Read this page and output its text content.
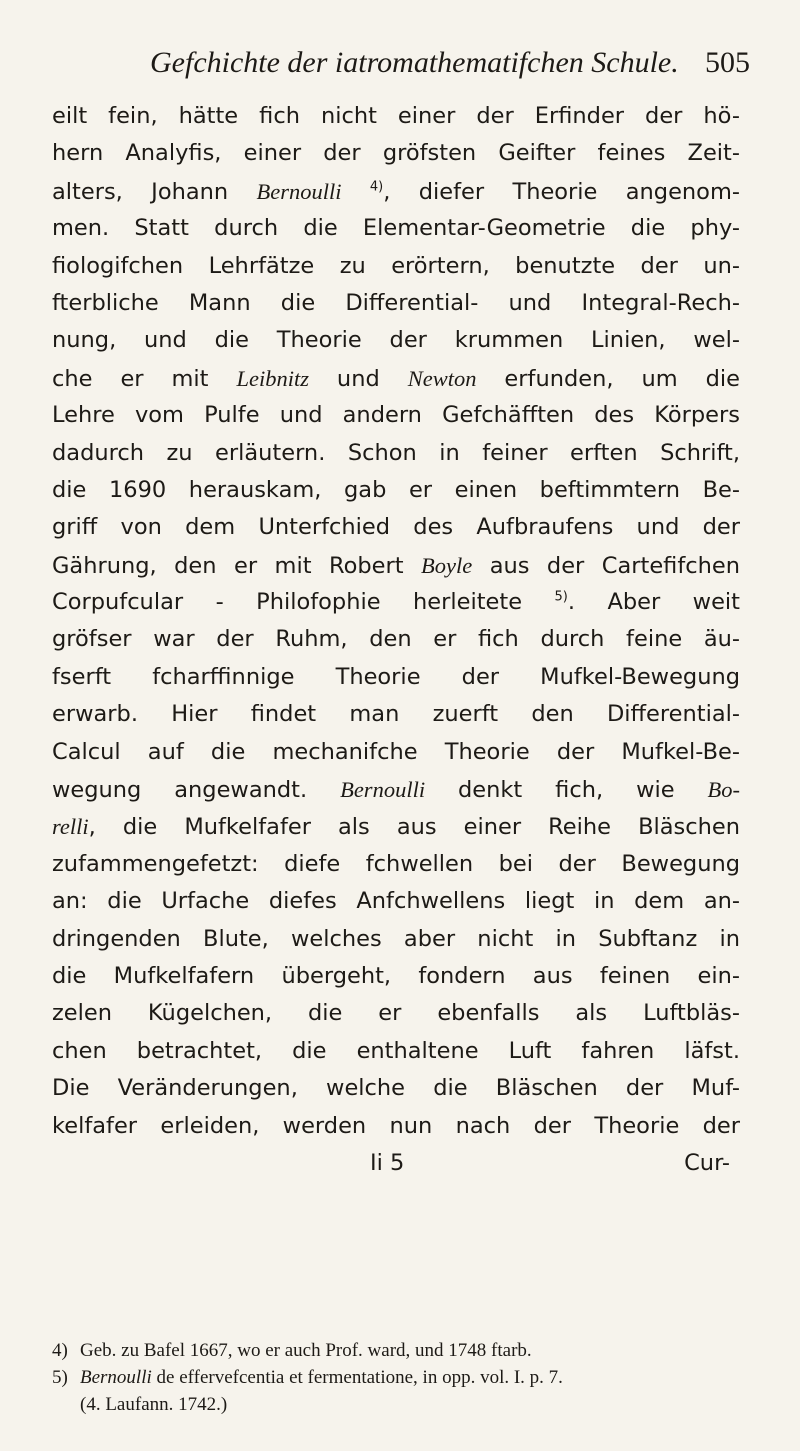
Gefchichte der iatromathematifchen Schule. 505
eilt fein, hätte fich nicht einer der Erfinder der hö-
hern Analyfis, einer der gröfsten Geifter feines Zeit-
alters, Johann Bernoulli $^{4)}$, diefer Theorie angenom-
men. Statt durch die Elementar-Geometrie die phy-
fiologifchen Lehrfätze zu erörtern, benutzte der un-
fterbliche Mann die Differential- und Integral-Rech-
nung, und die Theorie der krummen Linien, wel-
che er mit Leibnitz und Newton erfunden, um die
Lehre vom Pulfe und andern Gefchäfften des Körpers
dadurch zu erläutern. Schon in feiner erften Schrift,
die 1690 herauskam, gab er einen beftimmtern Be-
griff von dem Unterfchied des Aufbraufens und der
Gährung, den er mit Robert Boyle aus der Cartefifchen
Corpufcular - Philofophie herleitete $^{5)}$. Aber weit
gröfser war der Ruhm, den er fich durch feine äu-
fserft fcharffinnige Theorie der Mufkel-Bewegung
erwarb. Hier findet man zuerft den Differential-
Calcul auf die mechanifche Theorie der Mufkel-Be-
wegung angewandt. Bernoulli denkt fich, wie Bo-
relli, die Mufkelfafer als aus einer Reihe Bläschen
zufammengefetzt: diefe fchwellen bei der Bewegung
an: die Urfache diefes Anfchwellens liegt in dem an-
dringenden Blute, welches aber nicht in Subftanz in
die Mufkelfafern übergeht, fondern aus feinen ein-
zelen Kügelchen, die er ebenfalls als Luftbläs-
chen betrachtet, die enthaltene Luft fahren läfst.
Die Veränderungen, welche die Bläschen der Muf-
kelfafer erleiden, werden nun nach der Theorie der
Ii 5	Cur-
4) Geb. zu Bafel 1667, wo er auch Prof. ward, und 1748 ftarb.
5) Bernoulli de effervefcentia et fermentatione, in opp. vol. I. p. 7.
(4. Laufann. 1742.)
